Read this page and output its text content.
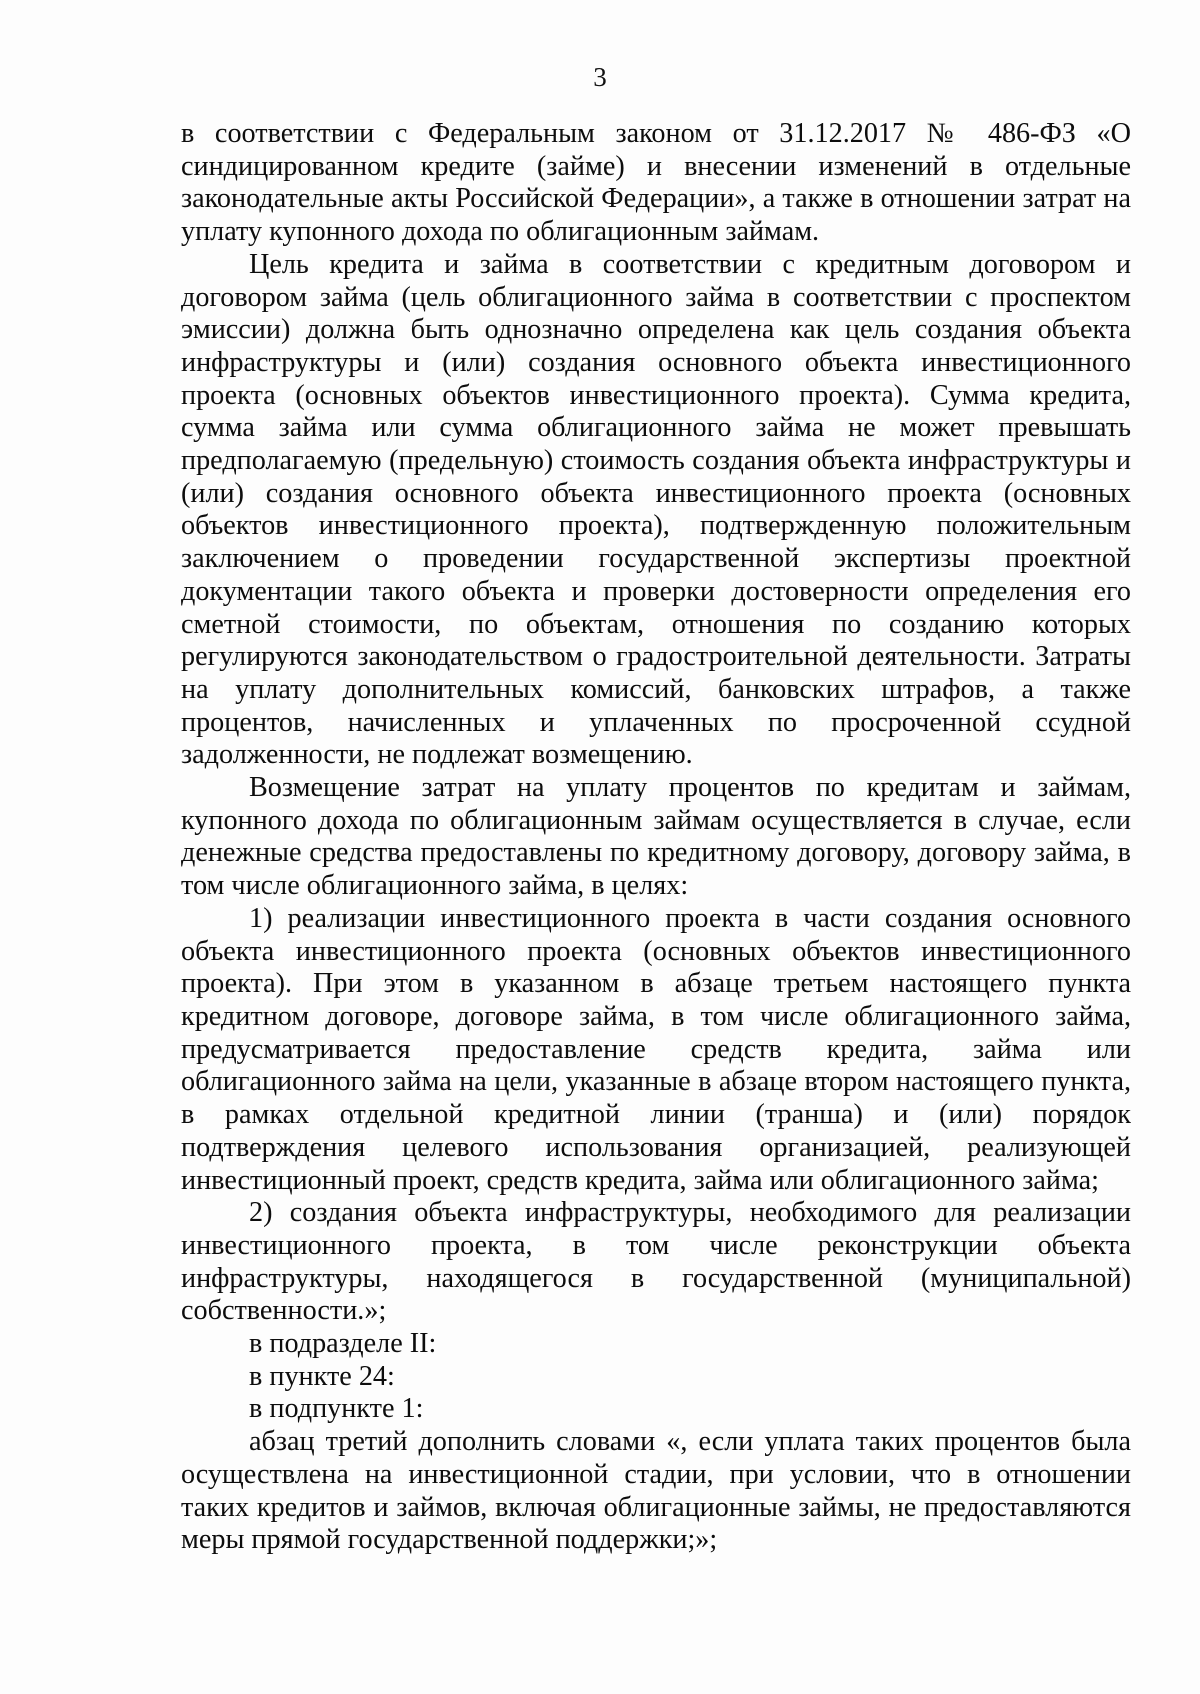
3

в соответствии с Федеральным законом от 31.12.2017 № 486-ФЗ «О синдицированном кредите (займе) и внесении изменений в отдельные законодательные акты Российской Федерации», а также в отношении затрат на уплату купонного дохода по облигационным займам.

Цель кредита и займа в соответствии с кредитным договором и договором займа (цель облигационного займа в соответствии с проспектом эмиссии) должна быть однозначно определена как цель создания объекта инфраструктуры и (или) создания основного объекта инвестиционного проекта (основных объектов инвестиционного проекта). Сумма кредита, сумма займа или сумма облигационного займа не может превышать предполагаемую (предельную) стоимость создания объекта инфраструктуры и (или) создания основного объекта инвестиционного проекта (основных объектов инвестиционного проекта), подтвержденную положительным заключением о проведении государственной экспертизы проектной документации такого объекта и проверки достоверности определения его сметной стоимости, по объектам, отношения по созданию которых регулируются законодательством о градостроительной деятельности. Затраты на уплату дополнительных комиссий, банковских штрафов, а также процентов, начисленных и уплаченных по просроченной ссудной задолженности, не подлежат возмещению.

Возмещение затрат на уплату процентов по кредитам и займам, купонного дохода по облигационным займам осуществляется в случае, если денежные средства предоставлены по кредитному договору, договору займа, в том числе облигационного займа, в целях:

1) реализации инвестиционного проекта в части создания основного объекта инвестиционного проекта (основных объектов инвестиционного проекта). При этом в указанном в абзаце третьем настоящего пункта кредитном договоре, договоре займа, в том числе облигационного займа, предусматривается предоставление средств кредита, займа или облигационного займа на цели, указанные в абзаце втором настоящего пункта, в рамках отдельной кредитной линии (транша) и (или) порядок подтверждения целевого использования организацией, реализующей инвестиционный проект, средств кредита, займа или облигационного займа;

2) создания объекта инфраструктуры, необходимого для реализации инвестиционного проекта, в том числе реконструкции объекта инфраструктуры, находящегося в государственной (муниципальной) собственности.»;

в подразделе II:

в пункте 24:

в подпункте 1:

абзац третий дополнить словами «, если уплата таких процентов была осуществлена на инвестиционной стадии, при условии, что в отношении таких кредитов и займов, включая облигационные займы, не предоставляются меры прямой государственной поддержки;»;
